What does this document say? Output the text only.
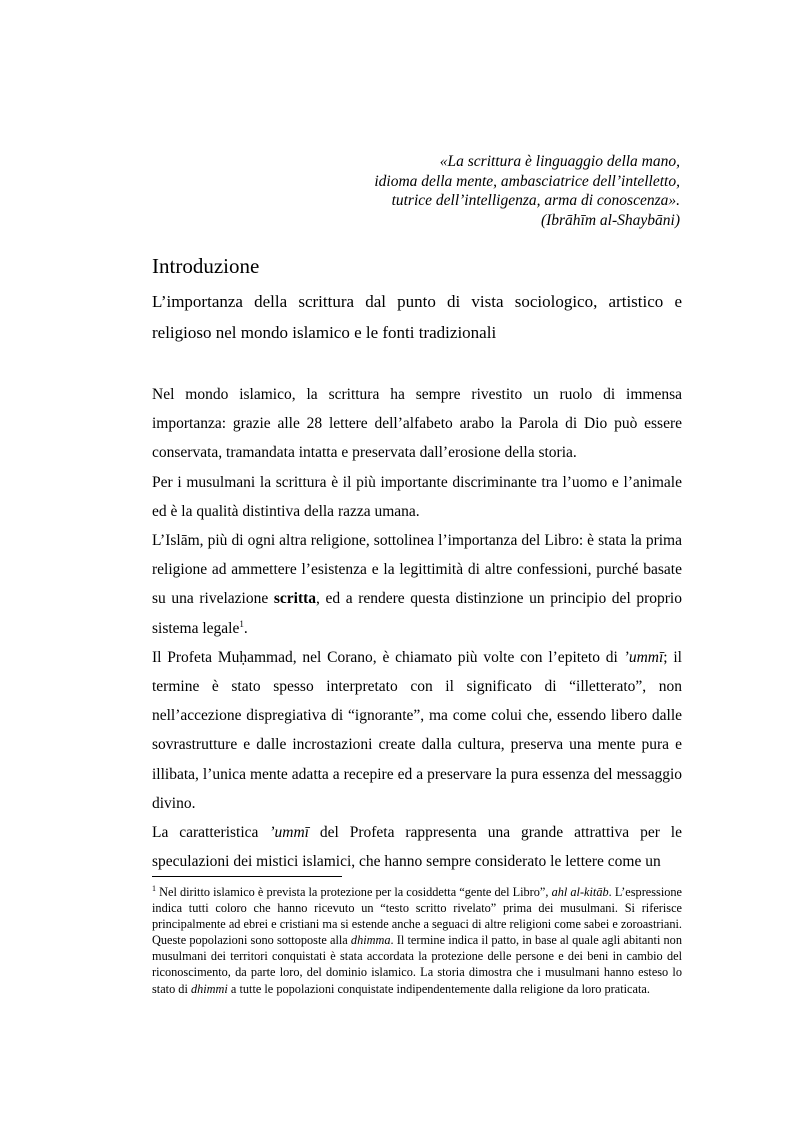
«La scrittura è linguaggio della mano,
idioma della mente, ambasciatrice dell’intelletto,
tutrice dell’intelligenza, arma di conoscenza».
(Ibrāhīm al-Shaybāni)
Introduzione
L’importanza della scrittura dal punto di vista sociologico, artistico e religioso nel mondo islamico e le fonti tradizionali

Nel mondo islamico, la scrittura ha sempre rivestito un ruolo di immensa importanza: grazie alle 28 lettere dell’alfabeto arabo la Parola di Dio può essere conservata, tramandata intatta e preservata dall’erosione della storia.

Per i musulmani la scrittura è il più importante discriminante tra l’uomo e l’animale ed è la qualità distintiva della razza umana.

L’Islām, più di ogni altra religione, sottolinea l’importanza del Libro: è stata la prima religione ad ammettere l’esistenza e la legittimità di altre confessioni, purché basate su una rivelazione scritta, ed a rendere questa distinzione un principio del proprio sistema legale$^1$.

Il Profeta Muḥammad, nel Corano, è chiamato più volte con l’epiteto di ’ummī; il termine è stato spesso interpretato con il significato di “illetterato”, non nell’accezione dispregiativa di “ignorante”, ma come colui che, essendo libero dalle sovrastrutture e dalle incrostazioni create dalla cultura, preserva una mente pura e illibata, l’unica mente adatta a recepire ed a preservare la pura essenza del messaggio divino.

La caratteristica ’ummī del Profeta rappresenta una grande attrattiva per le speculazioni dei mistici islamici, che hanno sempre considerato le lettere come un

$^1$ Nel diritto islamico è prevista la protezione per la cosiddetta “gente del Libro”, ahl al-kitāb. L’espressione indica tutti coloro che hanno ricevuto un “testo scritto rivelato” prima dei musulmani. Si riferisce principalmente ad ebrei e cristiani ma si estende anche a seguaci di altre religioni come sabei e zoroastriani. Queste popolazioni sono sottoposte alla dhimma. Il termine indica il patto, in base al quale agli abitanti non musulmani dei territori conquistati è stata accordata la protezione delle persone e dei beni in cambio del riconoscimento, da parte loro, del dominio islamico. La storia dimostra che i musulmani hanno esteso lo stato di dhimmi a tutte le popolazioni conquistate indipendentemente dalla religione da loro praticata.
